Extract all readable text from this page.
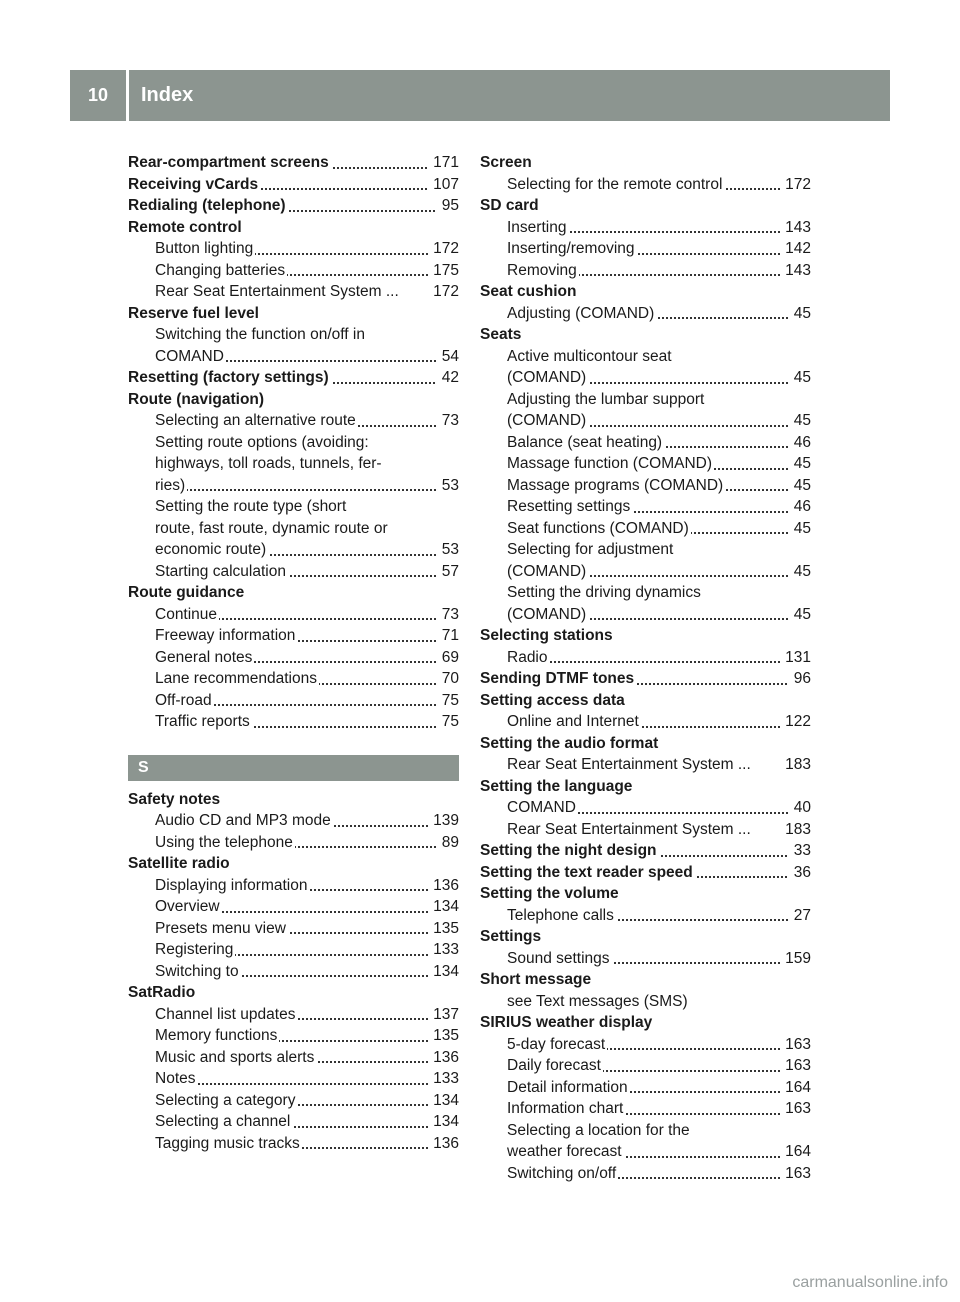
10	Index
Rear-compartment screens	171
Receiving vCards	107
Redialing (telephone)	95
Remote control
Button lighting	172
Changing batteries	175
Rear Seat Entertainment System ...	172
Reserve fuel level
Switching the function on/off in
COMAND	54
Resetting (factory settings)	42
Route (navigation)
Selecting an alternative route	73
Setting route options (avoiding:
highways, toll roads, tunnels, fer-
ries)	53
Setting the route type (short
route, fast route, dynamic route or
economic route)	53
Starting calculation	57
Route guidance
Continue	73
Freeway information	71
General notes	69
Lane recommendations	70
Off-road	75
Traffic reports	75
S
Safety notes
Audio CD and MP3 mode	139
Using the telephone	89
Satellite radio
Displaying information	136
Overview	134
Presets menu view	135
Registering	133
Switching to	134
SatRadio
Channel list updates	137
Memory functions	135
Music and sports alerts	136
Notes	133
Selecting a category	134
Selecting a channel	134
Tagging music tracks	136
Screen
Selecting for the remote control	172
SD card
Inserting	143
Inserting/removing	142
Removing	143
Seat cushion
Adjusting (COMAND)	45
Seats
Active multicontour seat
(COMAND)	45
Adjusting the lumbar support
(COMAND)	45
Balance (seat heating)	46
Massage function (COMAND)	45
Massage programs (COMAND)	45
Resetting settings	46
Seat functions (COMAND)	45
Selecting for adjustment
(COMAND)	45
Setting the driving dynamics
(COMAND)	45
Selecting stations
Radio	131
Sending DTMF tones	96
Setting access data
Online and Internet	122
Setting the audio format
Rear Seat Entertainment System ...	183
Setting the language
COMAND	40
Rear Seat Entertainment System ...	183
Setting the night design	33
Setting the text reader speed	36
Setting the volume
Telephone calls	27
Settings
Sound settings	159
Short message
see Text messages (SMS)
SIRIUS weather display
5-day forecast	163
Daily forecast	163
Detail information	164
Information chart	163
Selecting a location for the
weather forecast	164
Switching on/off	163
carmanualsonline.info
